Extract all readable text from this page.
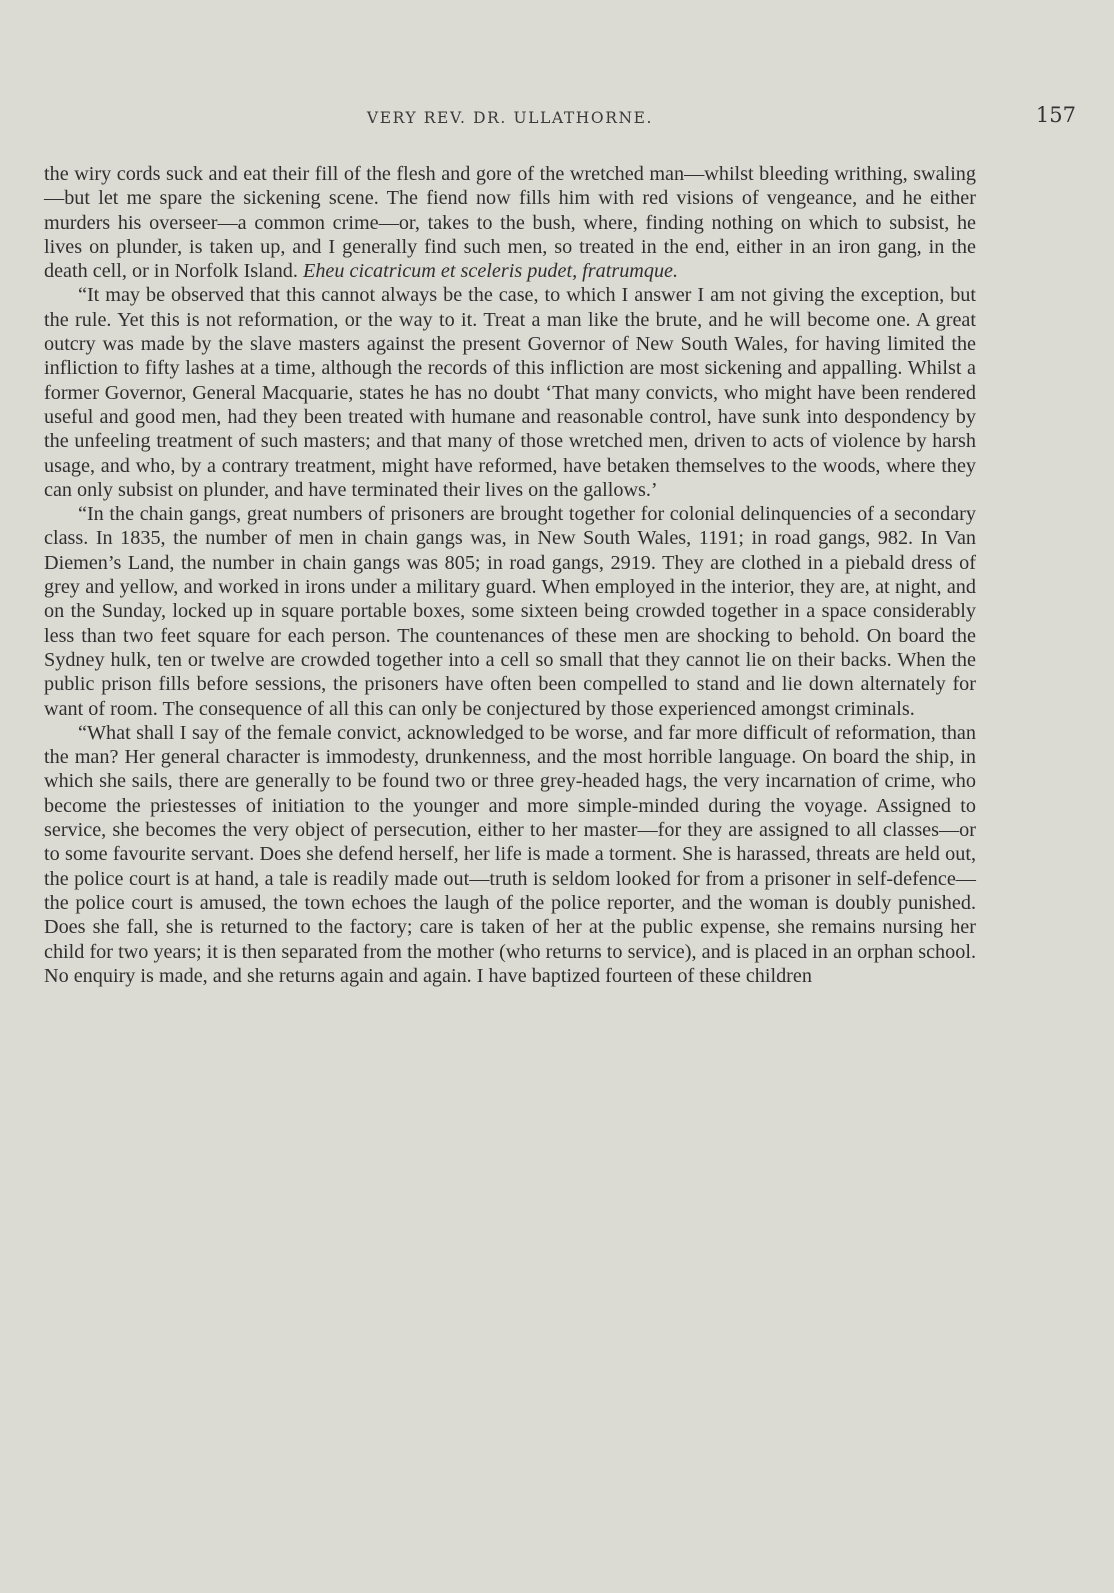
VERY REV. DR. ULLATHORNE.	157

the wiry cords suck and eat their fill of the flesh and gore of the wretched man—whilst bleeding writhing, swaling—but let me spare the sickening scene. The fiend now fills him with red visions of vengeance, and he either murders his overseer—a common crime—or, takes to the bush, where, finding nothing on which to subsist, he lives on plunder, is taken up, and I generally find such men, so treated in the end, either in an iron gang, in the death cell, or in Norfolk Island. Eheu cicatricum et sceleris pudet, fratrumque.

“It may be observed that this cannot always be the case, to which I answer I am not giving the exception, but the rule. Yet this is not reformation, or the way to it. Treat a man like the brute, and he will become one. A great outcry was made by the slave masters against the present Governor of New South Wales, for having limited the infliction to fifty lashes at a time, although the records of this infliction are most sickening and appalling. Whilst a former Governor, General Macquarie, states he has no doubt ‘That many convicts, who might have been rendered useful and good men, had they been treated with humane and reasonable control, have sunk into despondency by the unfeeling treatment of such masters; and that many of those wretched men, driven to acts of violence by harsh usage, and who, by a contrary treatment, might have reformed, have betaken themselves to the woods, where they can only subsist on plunder, and have terminated their lives on the gallows.’

“In the chain gangs, great numbers of prisoners are brought together for colonial delinquencies of a secondary class. In 1835, the number of men in chain gangs was, in New South Wales, 1191; in road gangs, 982. In Van Diemen’s Land, the number in chain gangs was 805; in road gangs, 2919. They are clothed in a piebald dress of grey and yellow, and worked in irons under a military guard. When employed in the interior, they are, at night, and on the Sunday, locked up in square portable boxes, some sixteen being crowded together in a space considerably less than two feet square for each person. The countenances of these men are shocking to behold. On board the Sydney hulk, ten or twelve are crowded together into a cell so small that they cannot lie on their backs. When the public prison fills before sessions, the prisoners have often been compelled to stand and lie down alternately for want of room. The consequence of all this can only be conjectured by those experienced amongst criminals.

“What shall I say of the female convict, acknowledged to be worse, and far more difficult of reformation, than the man? Her general character is immodesty, drunkenness, and the most horrible language. On board the ship, in which she sails, there are generally to be found two or three grey-headed hags, the very incarnation of crime, who become the priestesses of initiation to the younger and more simple-minded during the voyage. Assigned to service, she becomes the very object of persecution, either to her master—for they are assigned to all classes—or to some favourite servant. Does she defend herself, her life is made a torment. She is harassed, threats are held out, the police court is at hand, a tale is readily made out—truth is seldom looked for from a prisoner in self-defence—the police court is amused, the town echoes the laugh of the police reporter, and the woman is doubly punished. Does she fall, she is returned to the factory; care is taken of her at the public expense, she remains nursing her child for two years; it is then separated from the mother (who returns to service), and is placed in an orphan school. No enquiry is made, and she returns again and again. I have baptized fourteen of these children
